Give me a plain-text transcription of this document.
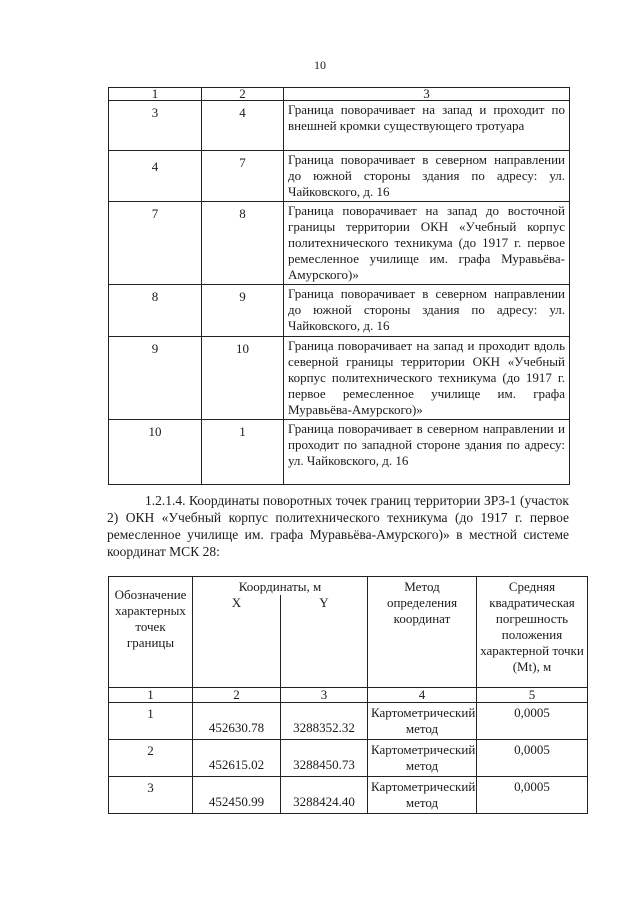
10
1	2	3
3	4	Граница поворачивает на запад и проходит по внешней кромки существующего тротуара
4	7	Граница поворачивает в северном направлении до южной стороны здания по адресу: ул. Чайковского, д. 16
7	8	Граница поворачивает на запад до восточной границы территории ОКН «Учебный корпус политехнического техникума (до 1917 г. первое ремесленное училище им. графа Муравьёва-Амурского)»
8	9	Граница поворачивает в северном направлении до южной стороны здания по адресу: ул. Чайковского, д. 16
9	10	Граница поворачивает на запад и проходит вдоль северной границы территории ОКН «Учебный корпус политехнического техникума (до 1917 г. первое ремесленное училище им. графа Муравьёва-Амурского)»
10	1	Граница поворачивает в северном направлении и проходит по западной стороне здания по адресу: ул. Чайковского, д. 16
1.2.1.4. Координаты поворотных точек границ территории ЗРЗ-1 (участок 2) ОКН «Учебный корпус политехнического техникума (до 1917 г. первое ремесленное училище им. графа Муравьёва-Амурского)» в местной системе координат МСК 28:
Обозначение характерных точек границы	Координаты, м		Метод определения координат	Средняя квадратическая погрешность положения характерной точки (Mt), м
	X	Y		
1	2	3	4	5
1	452630.78	3288352.32	Картометрический метод	0,0005
2	452615.02	3288450.73	Картометрический метод	0,0005
3	452450.99	3288424.40	Картометрический метод	0,0005
